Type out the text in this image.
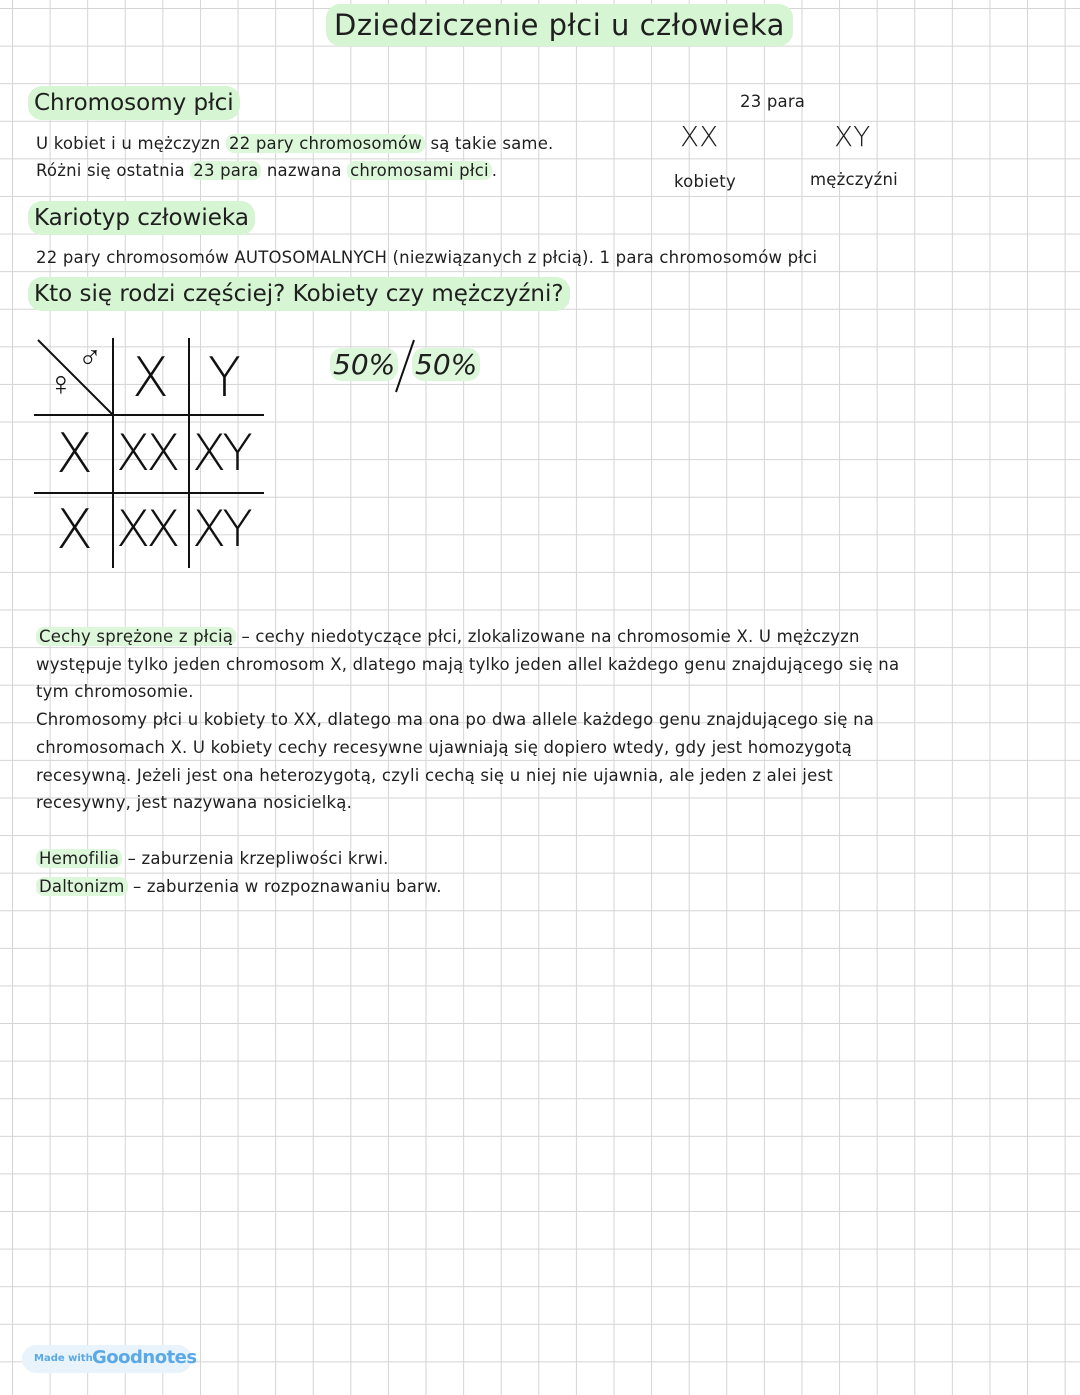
Dziedziczenie płci u człowieka
Chromosomy płci
U kobiet i u mężczyzn 22 pary chromosomów są takie same.
Różni się ostatnia 23 para nazwana chromosami płci .
23 para
XX	XY
kobiety	mężczyźni
Kariotyp człowieka
22 pary chromosomów AUTOSOMALNYCH (niezwiązanych z płcią). 1 para chromosomów płci
Kto się rodzi częściej? Kobiety czy mężczyźni?
♂
♀ X Y
X
X
XX XY
XX XY
50% 50%
Cechy sprężone z płcią – cechy niedotyczące płci, zlokalizowane na chromosomie X. U mężczyzn
występuje tylko jeden chromosom X, dlatego mają tylko jeden allel każdego genu znajdującego się na
tym chromosomie.
Chromosomy płci u kobiety to XX, dlatego ma ona po dwa allele każdego genu znajdującego się na
chromosomach X. U kobiety cechy recesywne ujawniają się dopiero wtedy, gdy jest homozygotą
recesywną. Jeżeli jest ona heterozygotą, czyli cechą się u niej nie ujawnia, ale jeden z alei jest
recesywny, jest nazywana nosicielką.
Hemofilia – zaburzenia krzepliwości krwi.
Daltonizm – zaburzenia w rozpoznawaniu barw.
Made with Goodnotes
